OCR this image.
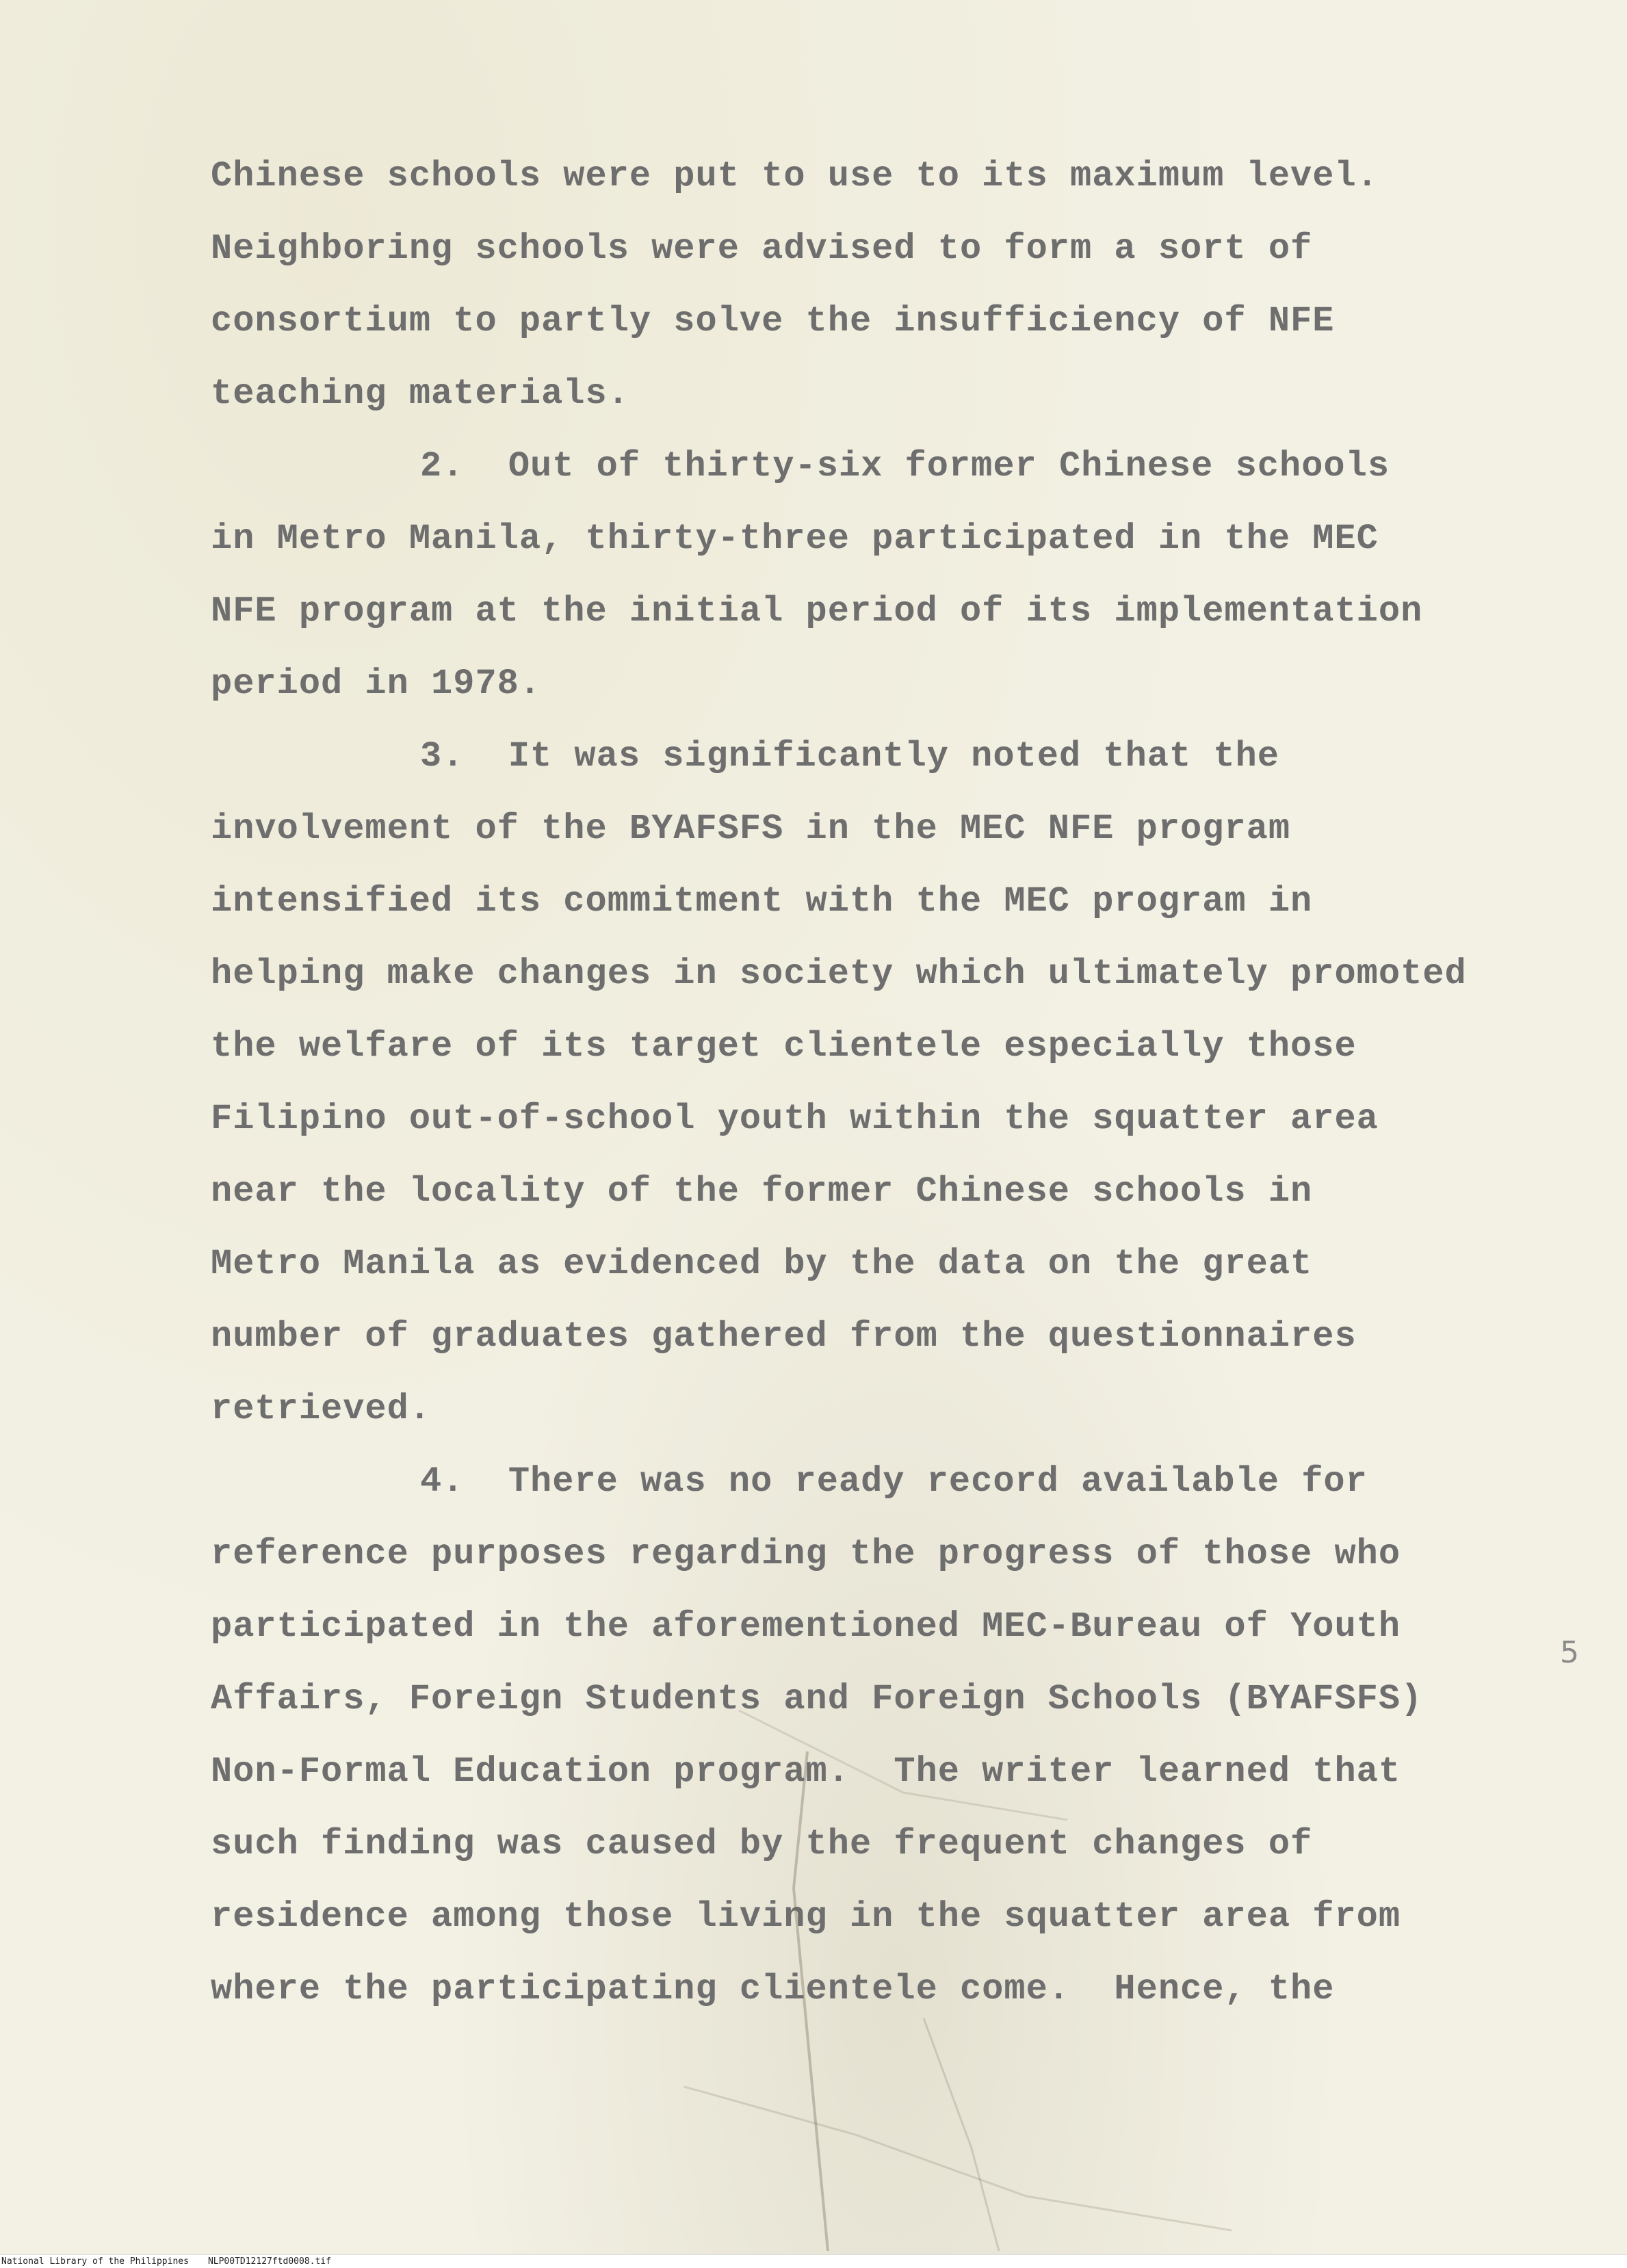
Chinese schools were put to use to its maximum level.
Neighboring schools were advised to form a sort of
consortium to partly solve the insufficiency of NFE
teaching materials.
2.  Out of thirty-six former Chinese schools
in Metro Manila, thirty-three participated in the MEC
NFE program at the initial period of its implementation
period in 1978.
3.  It was significantly noted that the
involvement of the BYAFSFS in the MEC NFE program
intensified its commitment with the MEC program in
helping make changes in society which ultimately promoted
the welfare of its target clientele especially those
Filipino out-of-school youth within the squatter area
near the locality of the former Chinese schools in
Metro Manila as evidenced by the data on the great
number of graduates gathered from the questionnaires
retrieved.
4.  There was no ready record available for
reference purposes regarding the progress of those who
participated in the aforementioned MEC-Bureau of Youth
Affairs, Foreign Students and Foreign Schools (BYAFSFS)
Non-Formal Education program.  The writer learned that
such finding was caused by the frequent changes of
residence among those living in the squatter area from
where the participating clientele come.  Hence, the
5
National Library of the Philippines NLP00TD12127ftd0008.tif
